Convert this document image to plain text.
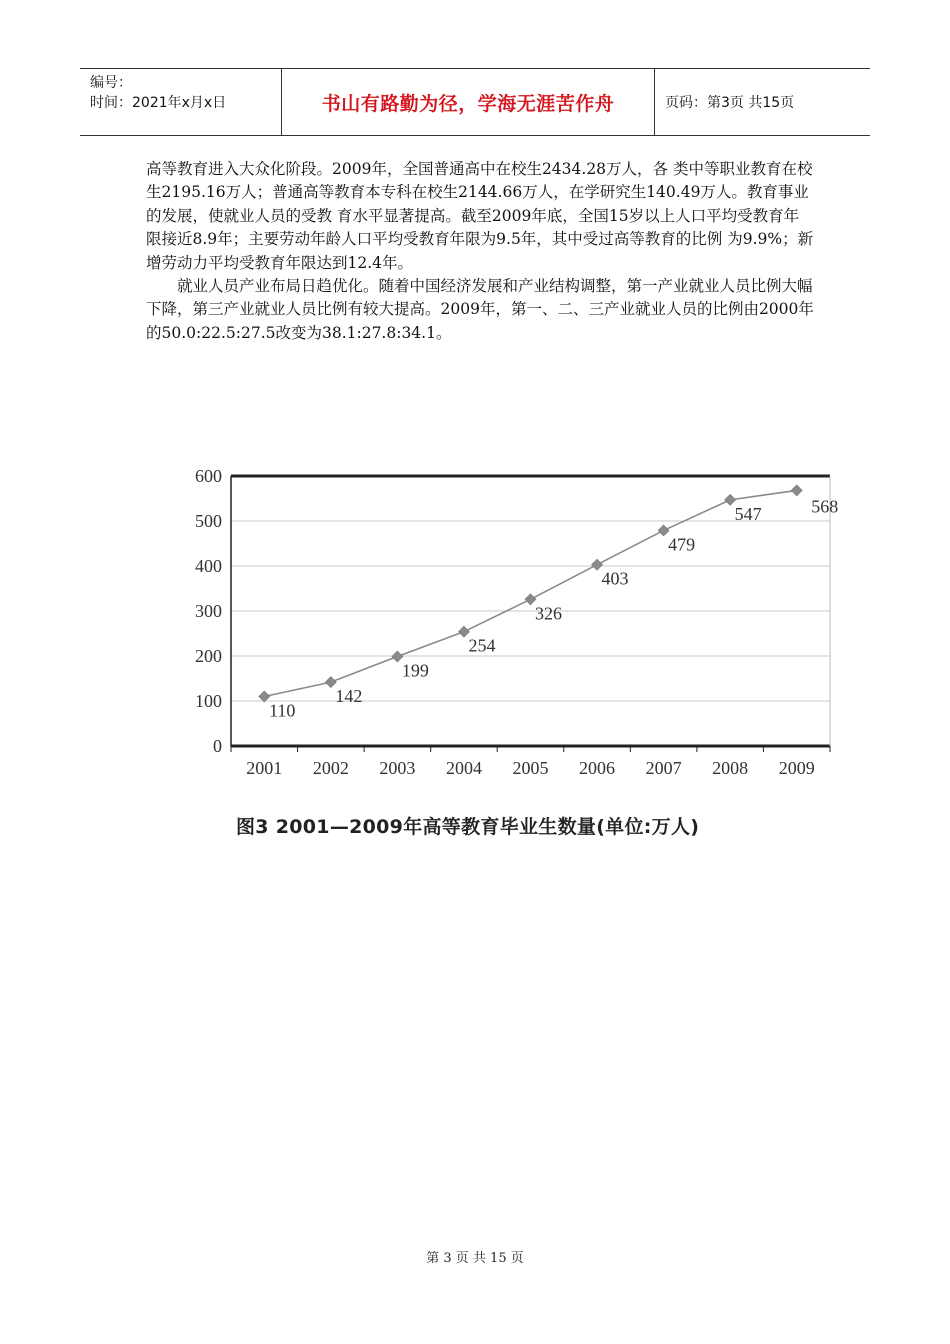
编号：
时间：2021年x月x日	书山有路勤为径，学海无涯苦作舟	页码：第3页 共15页

高等教育进入大众化阶段。2009年，全国普通高中在校生2434.28万人，各 类中等职业教育在校生2195.16万人；普通高等教育本专科在校生2144.66万人，在学研究生140.49万人。教育事业的发展，使就业人员的受教 育水平显著提高。截至2009年底，全国15岁以上人口平均受教育年限接近8.9年；主要劳动年龄人口平均受教育年限为9.5年，其中受过高等教育的比例 为9.9%；新增劳动力平均受教育年限达到12.4年。

就业人员产业布局日趋优化。随着中国经济发展和产业结构调整，第一产业就业人员比例大幅下降，第三产业就业人员比例有较大提高。2009年，第一、二、三产业就业人员的比例由2000年的50.0:22.5:27.5改变为38.1:27.8:34.1。

0
100
200
300
400
500
600
2001 2002 2003 2004 2005 2006 2007 2008 2009
110
142
199
254
326
403
479
547	568
图3 2001—2009年高等教育毕业生数量(单位:万人)
第 3 页 共 15 页
